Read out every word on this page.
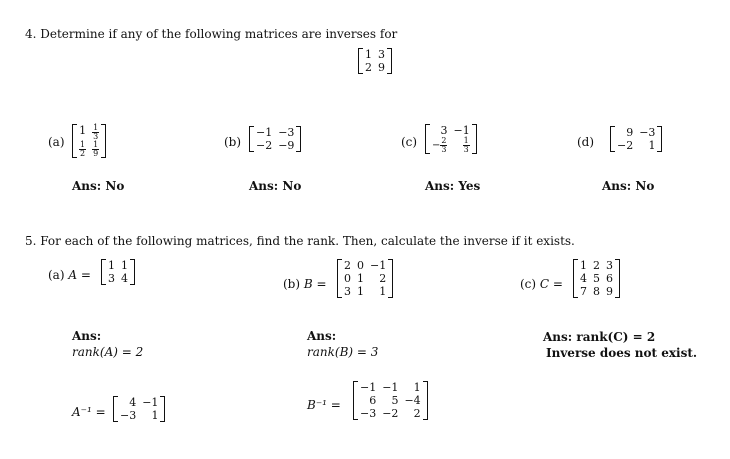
4. Determine if any of the following matrices are inverses for
1 3
2 9
(a)
$1 \frac{1}{3}$
$\frac{1}{2} \frac{1}{9}$
Ans: No
(b)
−1 −3
−2 −9
Ans: No
(c)
3 −1
− $\frac{2}{3} \frac{1}{3}$
Ans: Yes
(d)
9 −3
−2	1
Ans: No
5. For each of the following matrices, find the rank. Then, calculate the inverse if it exists.
(a) A =
1 1
3 4
Ans:
rank(A) = 2
A⁻¹ =
4 −1
−3	1
(b) B =
2 0 −1
0 1	2
3 1	1
Ans:
rank(B) = 3
B⁻¹ =
−1 −1	1
6	5 −4
−3 −2	2
(c) C =
1 2 3
4 5 6
7 8 9
Ans: rank(C) = 2
Inverse does not exist.
